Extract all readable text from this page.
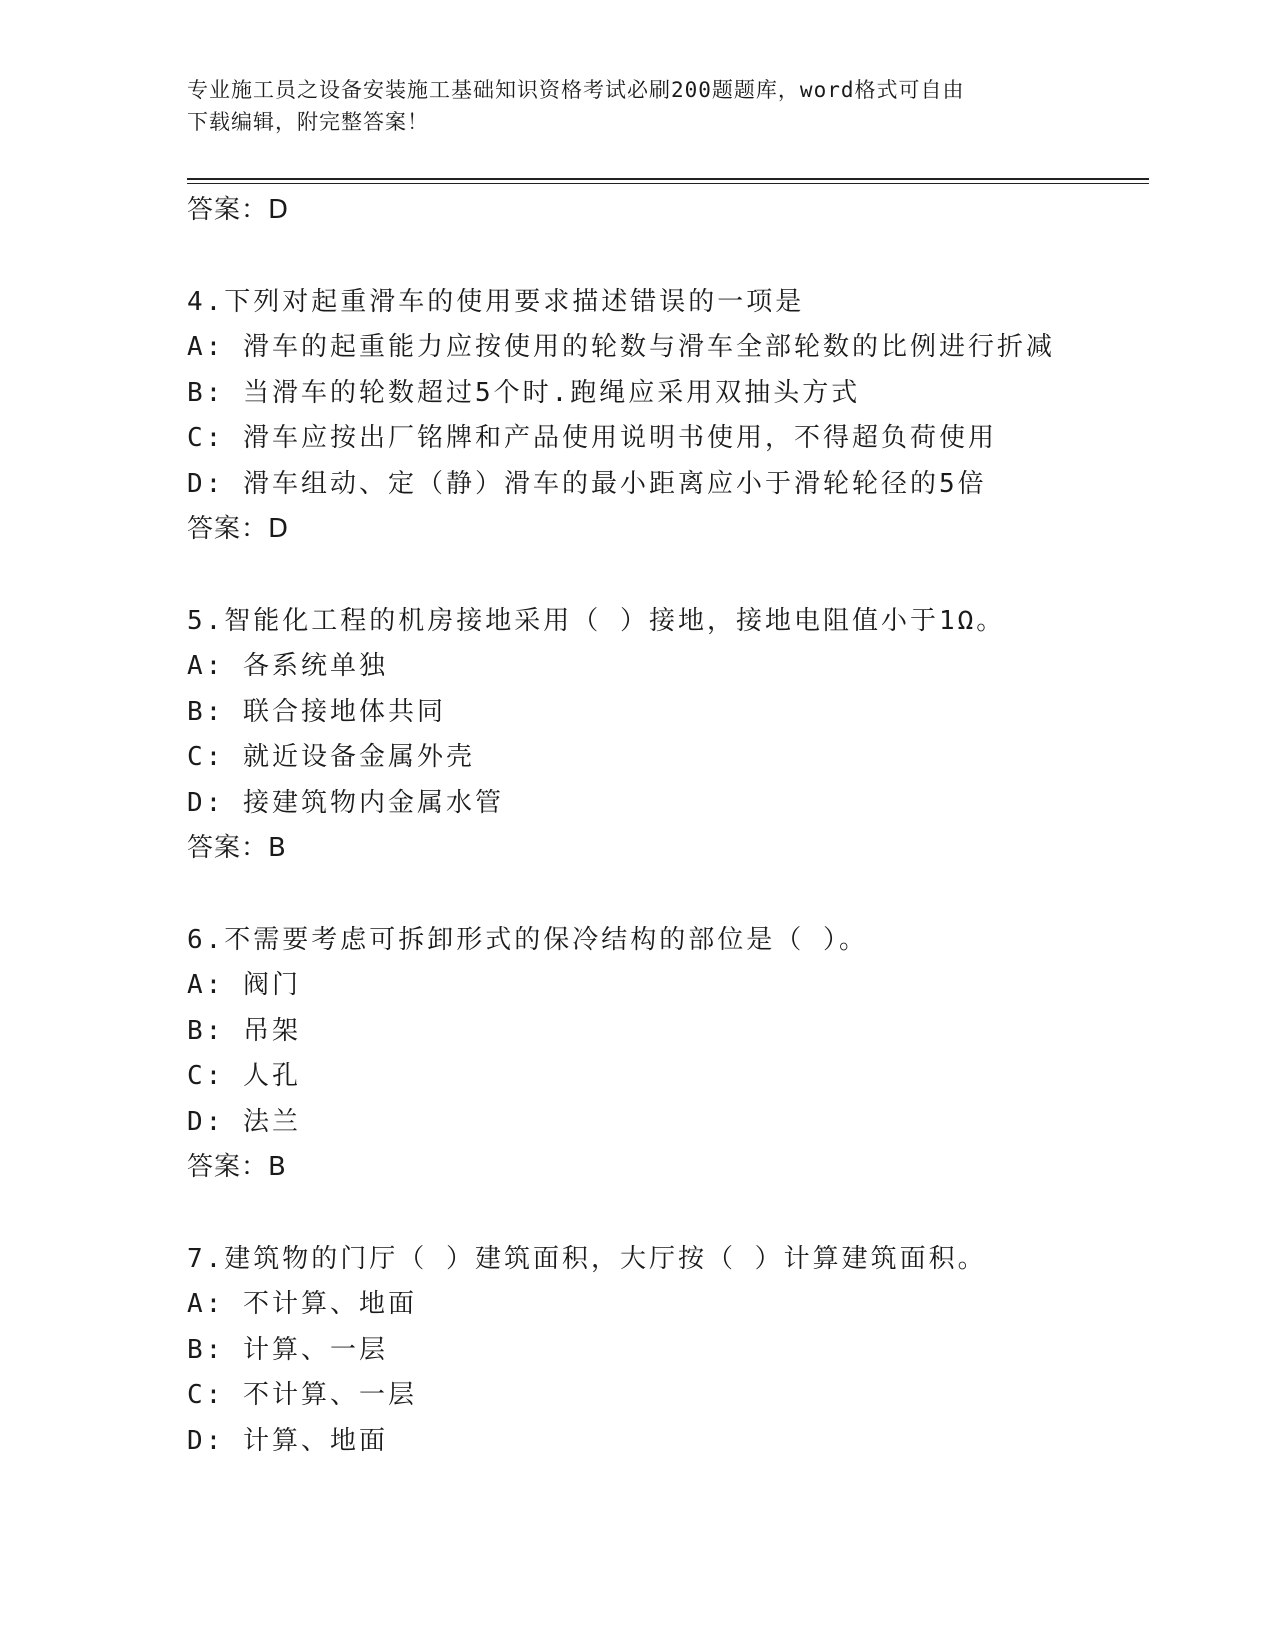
专业施工员之设备安装施工基础知识资格考试必刷200题题库，word格式可自由
下载编辑，附完整答案！
答案：D
4.下列对起重滑车的使用要求描述错误的一项是
A: 滑车的起重能力应按使用的轮数与滑车全部轮数的比例进行折减
B: 当滑车的轮数超过5个时.跑绳应采用双抽头方式
C: 滑车应按出厂铭牌和产品使用说明书使用，不得超负荷使用
D: 滑车组动、定（静）滑车的最小距离应小于滑轮轮径的5倍
答案：D
5.智能化工程的机房接地采用（ ）接地，接地电阻值小于1Ω。
A: 各系统单独
B: 联合接地体共同
C: 就近设备金属外壳
D: 接建筑物内金属水管
答案：B
6.不需要考虑可拆卸形式的保冷结构的部位是（ ）。
A: 阀门
B: 吊架
C: 人孔
D: 法兰
答案：B
7.建筑物的门厅（ ）建筑面积，大厅按（ ）计算建筑面积。
A: 不计算、地面
B: 计算、一层
C: 不计算、一层
D: 计算、地面
